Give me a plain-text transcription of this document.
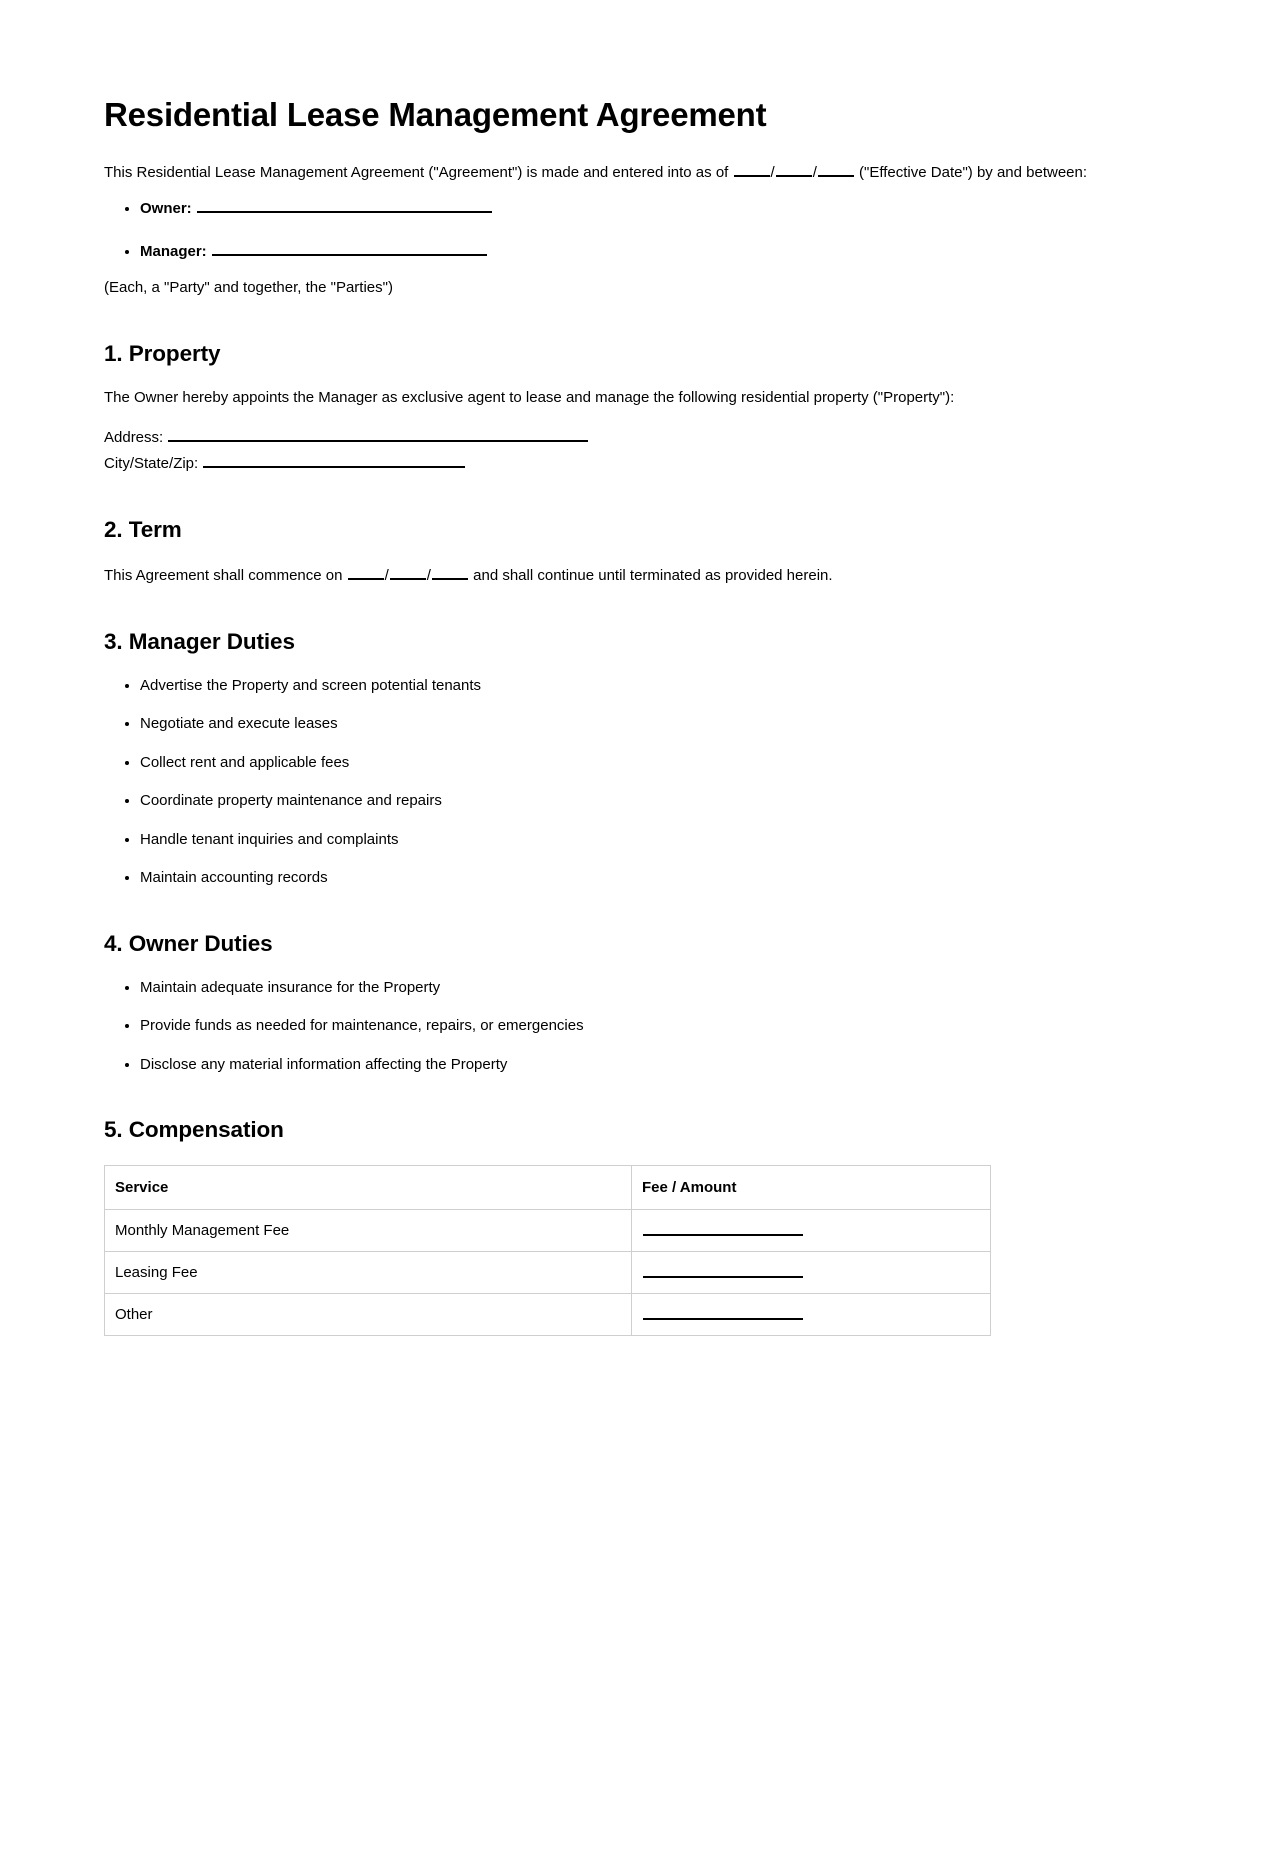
Residential Lease Management Agreement

This Residential Lease Management Agreement ("Agreement") is made and entered into as of	/	/	("Effective Date") by and between:

• Owner:
• Manager:

(Each, a "Party" and together, the "Parties")

1. Property

The Owner hereby appoints the Manager as exclusive agent to lease and manage the following residential property ("Property"):

Address:

City/State/Zip:

2. Term

This Agreement shall commence on	/	/	and shall continue until terminated as provided herein.

3. Manager Duties
• Advertise the Property and screen potential tenants
• Negotiate and execute leases
• Collect rent and applicable fees
• Coordinate property maintenance and repairs
• Handle tenant inquiries and complaints
• Maintain accounting records
4. Owner Duties
• Maintain adequate insurance for the Property
• Provide funds as needed for maintenance, repairs, or emergencies
• Disclose any material information affecting the Property
5. Compensation
Service	Fee / Amount
Monthly Management Fee	
Leasing Fee	
Other	
